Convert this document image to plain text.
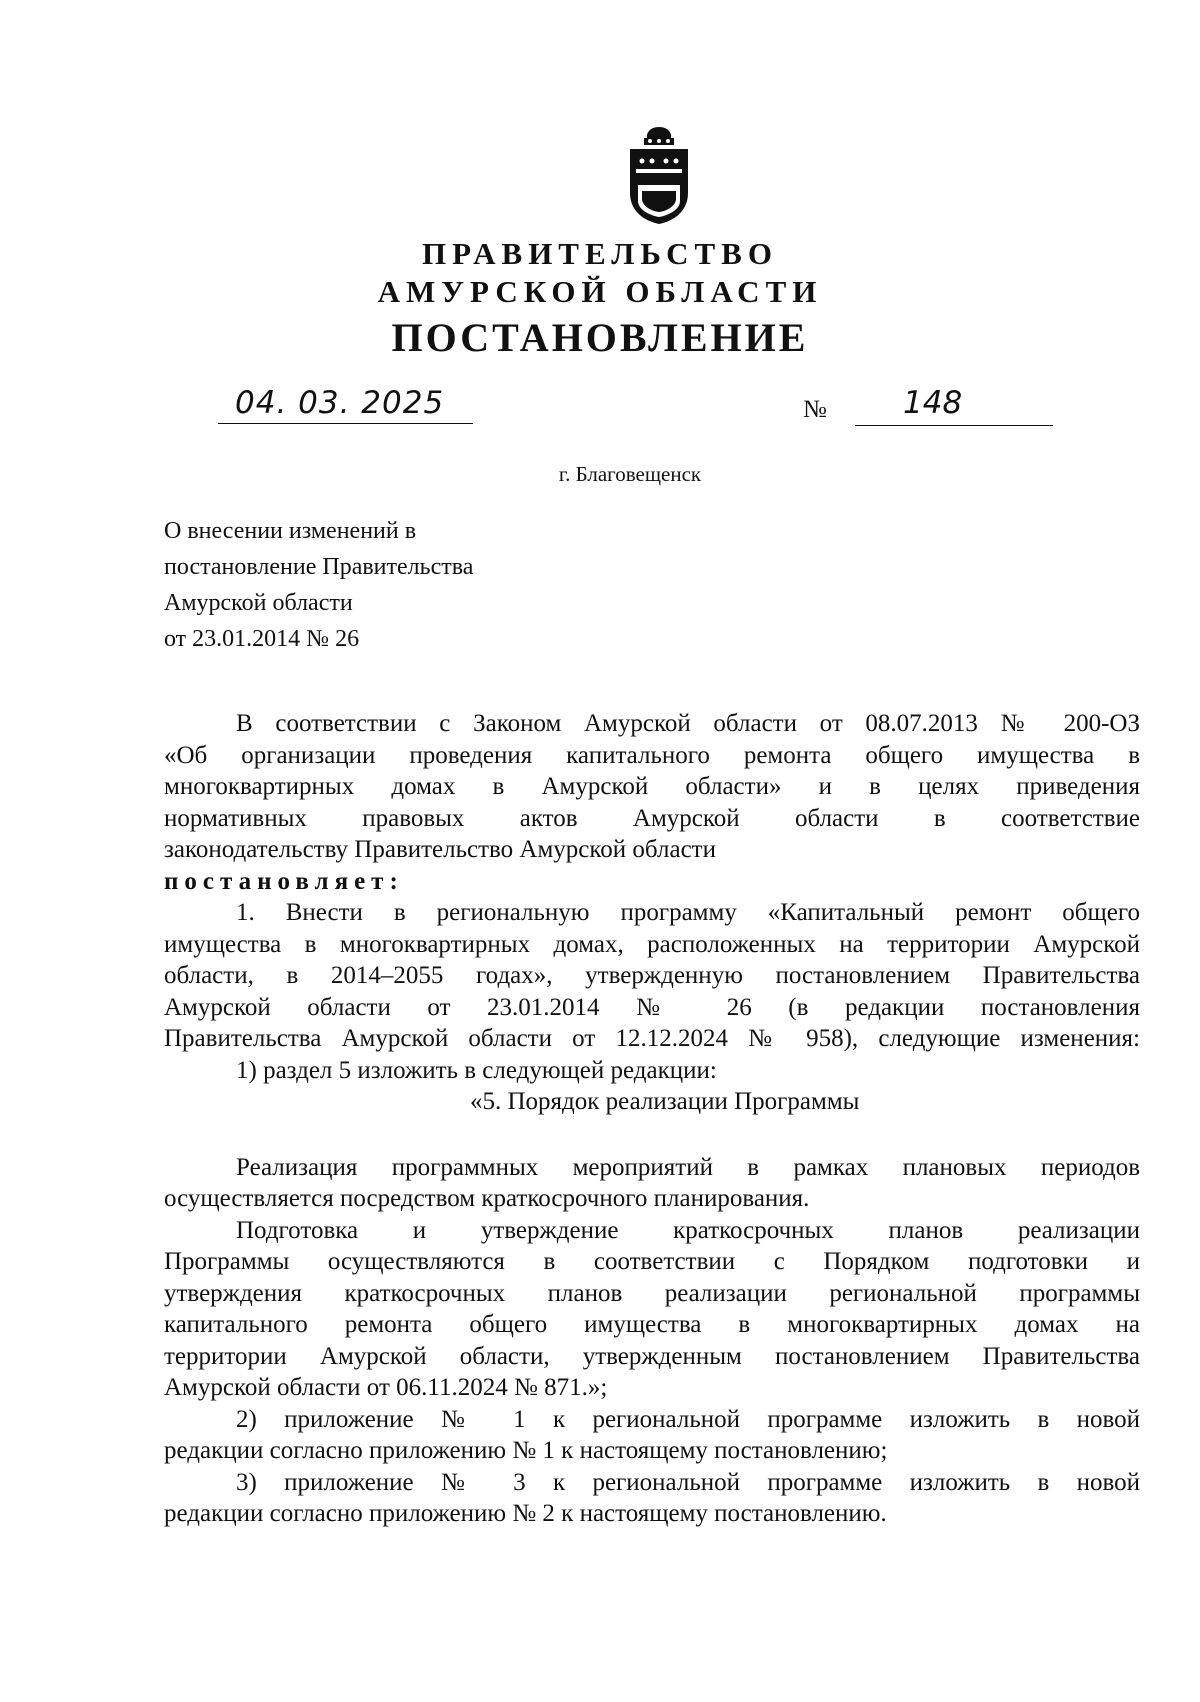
ПРАВИТЕЛЬСТВО
АМУРСКОЙ ОБЛАСТИ
ПОСТАНОВЛЕНИЕ
04. 03. 2025	№ 148
г. Благовещенск
О внесении изменений в
постановление Правительства
Амурской области
от 23.01.2014 № 26

В соответствии с Законом Амурской области от 08.07.2013 № 200-ОЗ

«Об организации проведения капитального ремонта общего имущества в

многоквартирных домах в Амурской области» и в целях приведения

нормативных правовых актов Амурской области в соответствие

законодательству Правительство Амурской области

постановляет:

1. Внести в региональную программу «Капитальный ремонт общего

имущества в многоквартирных домах, расположенных на территории Амурской

области, в 2014–2055 годах», утвержденную постановлением Правительства

Амурской области от 23.01.2014 № 26 (в редакции постановления

Правительства Амурской области от 12.12.2024 № 958), следующие изменения:

1) раздел 5 изложить в следующей редакции:

«5. Порядок реализации Программы

Реализация программных мероприятий в рамках плановых периодов

осуществляется посредством краткосрочного планирования.

Подготовка и утверждение краткосрочных планов реализации

Программы осуществляются в соответствии с Порядком подготовки и

утверждения краткосрочных планов реализации региональной программы

капитального ремонта общего имущества в многоквартирных домах на

территории Амурской области, утвержденным постановлением Правительства

Амурской области от 06.11.2024 № 871.»;

2) приложение № 1 к региональной программе изложить в новой

редакции согласно приложению № 1 к настоящему постановлению;

3) приложение № 3 к региональной программе изложить в новой

редакции согласно приложению № 2 к настоящему постановлению.
